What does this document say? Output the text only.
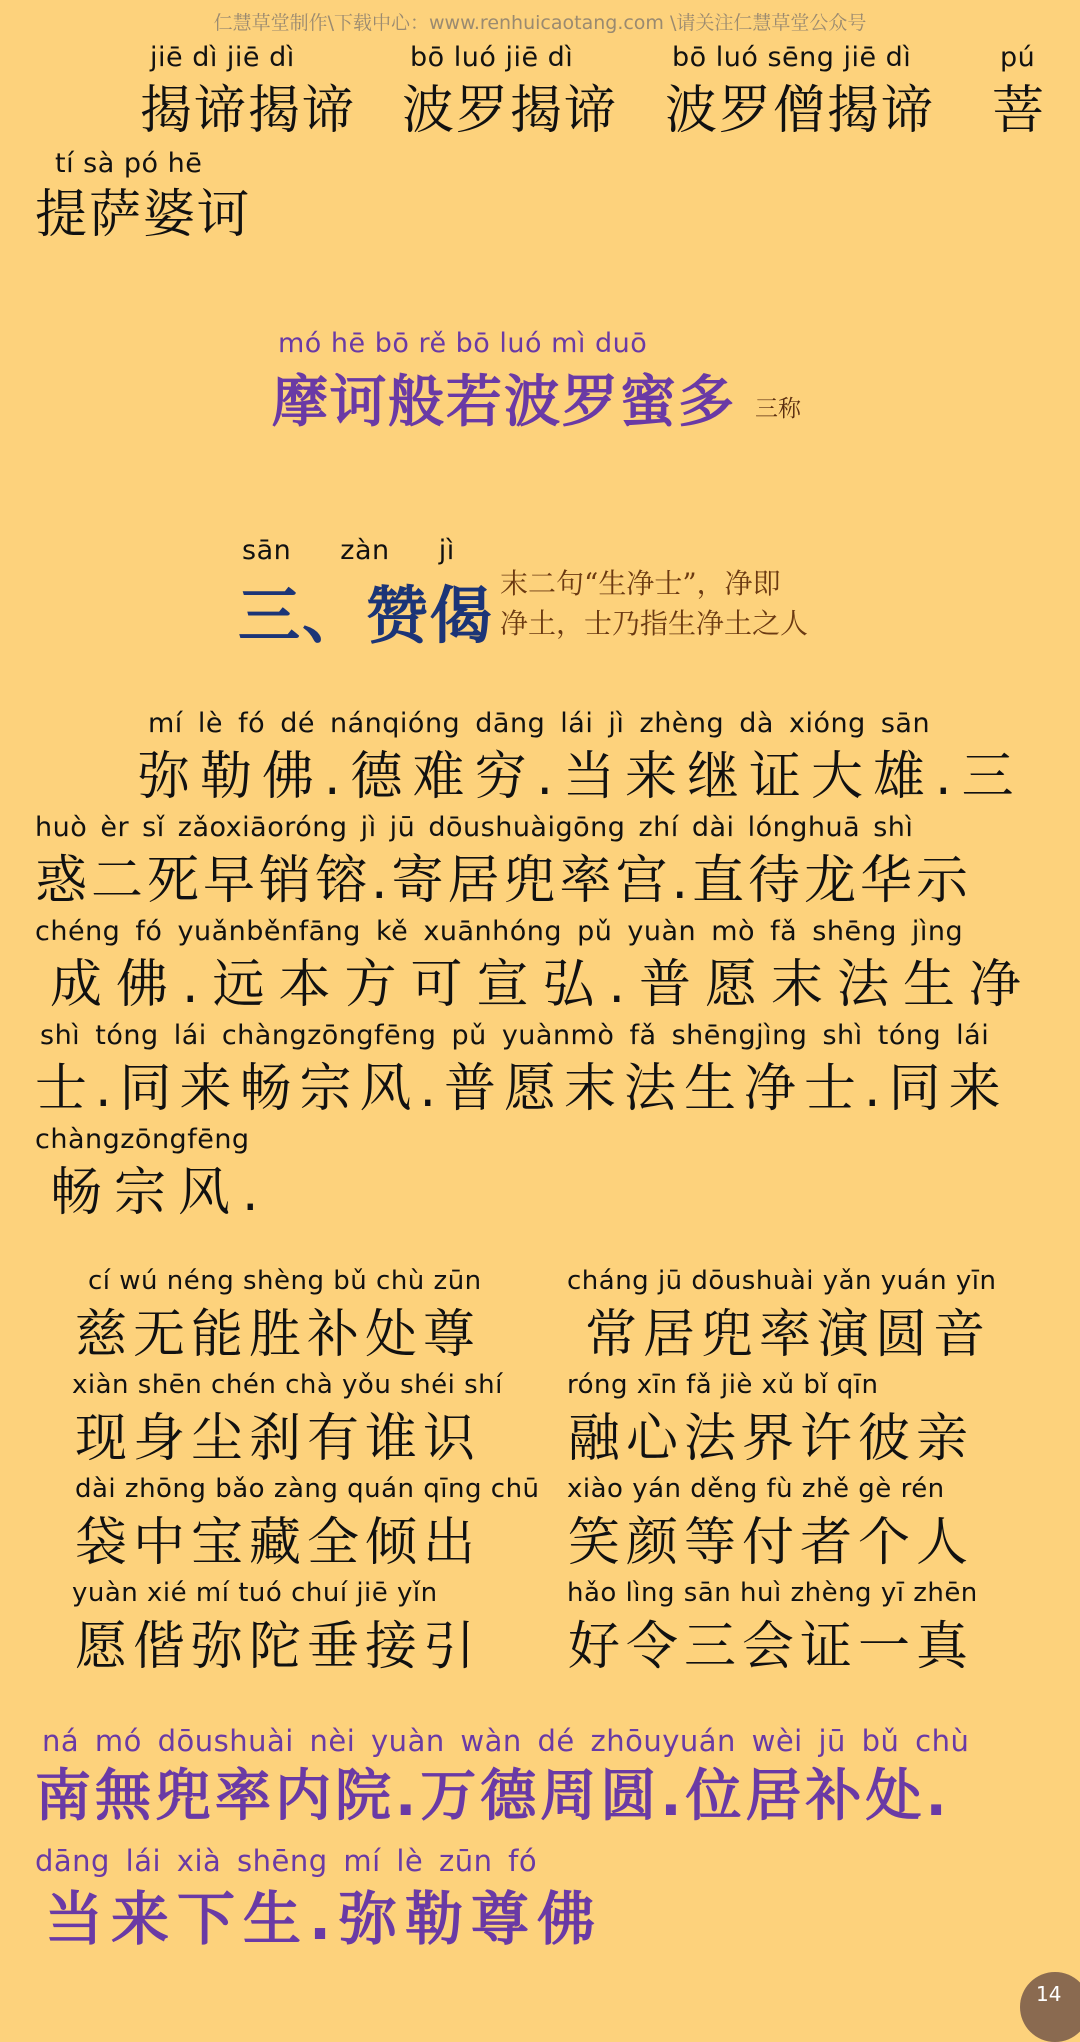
仁慧草堂制作\下载中心：www.renhuicaotang.com \请关注仁慧草堂公众号
jiē dì jiē dì	bō luó jiē dì	bō luó sēng jiē dì	pú
揭谛揭谛 波罗揭谛 波罗僧揭谛 菩
tí sà pó hē
提萨婆诃
mó hē bō rě bō luó mì duō
摩诃般若波罗蜜多 三称
sān zàn jì
三、赞偈 末二句“生净士”，净即
净土，士乃指生净土之人
mí lè fó dé nánqióng dāng lái jì zhèng dà xióng sān
弥勒佛.德难穷.当来继证大雄.三
huò èr sǐ zǎoxiāoróng jì jū dōushuàigōng zhí dài lónghuā shì
惑二死早销镕.寄居兜率宫.直待龙华示
chéng fó yuǎnběnfāng kě xuānhóng pǔ yuàn mò fǎ shēng jìng
成佛.远本方可宣弘.普愿末法生净
shì tóng lái chàngzōngfēng pǔ yuànmò fǎ shēngjìng shì tóng lái
士.同来畅宗风.普愿末法生净士.同来
chàngzōngfēng
畅宗风.
cí wú néng shèng bǔ chù zūn
慈无能胜补处尊
xiàn shēn chén chà yǒu shéi shí
现身尘刹有谁识
dài zhōng bǎo zàng quán qīng chū
袋中宝藏全倾出
yuàn xié mí tuó chuí jiē yǐn
愿偕弥陀垂接引
cháng jū dōushuài yǎn yuán yīn
常居兜率演圆音
róng xīn fǎ jiè xǔ bǐ qīn
融心法界许彼亲
xiào yán děng fù zhě gè rén
笑颜等付者个人
hǎo lìng sān huì zhèng yī zhēn
好令三会证一真
ná mó dōushuài nèi yuàn wàn dé zhōuyuán wèi jū bǔ chù
南無兜率内院.万德周圆.位居补处.
dāng lái xià shēng mí lè zūn fó
当来下生.弥勒尊佛
14
